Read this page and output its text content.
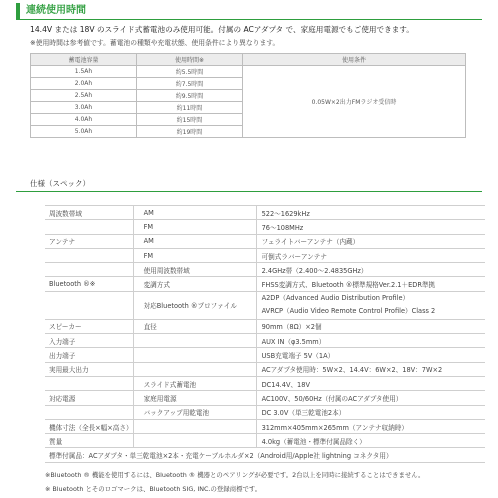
連続使用時間
14.4V または 18V のスライド式蓄電池のみ使用可能。付属の ACアダプタ で、家庭用電源でもご使用できます。
※使用時間は参考値です。蓄電池の種類や充電状態、使用条件により異なります。
蓄電池容量	使用時間※	使用条件
1.5Ah	約5.5時間	0.05W×2出力FMラジオ受信時
2.0Ah	約7.5時間	
2.5Ah	約9.5時間	
3.0Ah	約11時間	
4.0Ah	約15時間	
5.0Ah	約19時間	
仕様（スペック）
周波数帯域	AM	522～1629kHz
	FM	76～108MHz
アンテナ	AM	フェライトバーアンテナ（内蔵）
	FM	可倒式ラバーアンテナ
	使用周波数帯域	2.4GHz帯（2.400～2.4835GHz）
Bluetooth ®※	変調方式	FHSS変調方式、Bluetooth ®標準規格Ver.2.1＋EDR準拠
	対応Bluetooth ®プロファイル	A2DP（Advanced Audio Distribution Profile）
AVRCP（Audio Video Remote Control Profile）Class 2

スピーカー	直径	90mm（8Ω）×2個
入力端子		AUX IN（φ3.5mm）
出力端子		USB充電端子 5V（1A）
実用最大出力		ACアダプタ使用時：5W×2、14.4V：6W×2、18V：7W×2
	スライド式蓄電池	DC14.4V、18V
対応電源	家庭用電源	AC100V、50/60Hz（付属のACアダプタ使用）
	バックアップ用乾電池	DC 3.0V（単三乾電池2本）
機体寸法（全長×幅×高さ）		312mm×405mm×265mm（アンテナ収納時）
質量		4.0kg（蓄電池・標準付属品除く）
標準付属品：ACアダプタ・単三乾電池×2本・充電ケーブルホルダ×2（Android用/Apple社 lightning コネクタ用）		
※Bluetooth ® 機能を使用するには、Bluetooth ® 機器とのペアリングが必要です。2台以上を同時に接続することはできません。
※ Bluetooth とそのロゴマークは、Bluetooth SIG, INC.の登録商標です。
